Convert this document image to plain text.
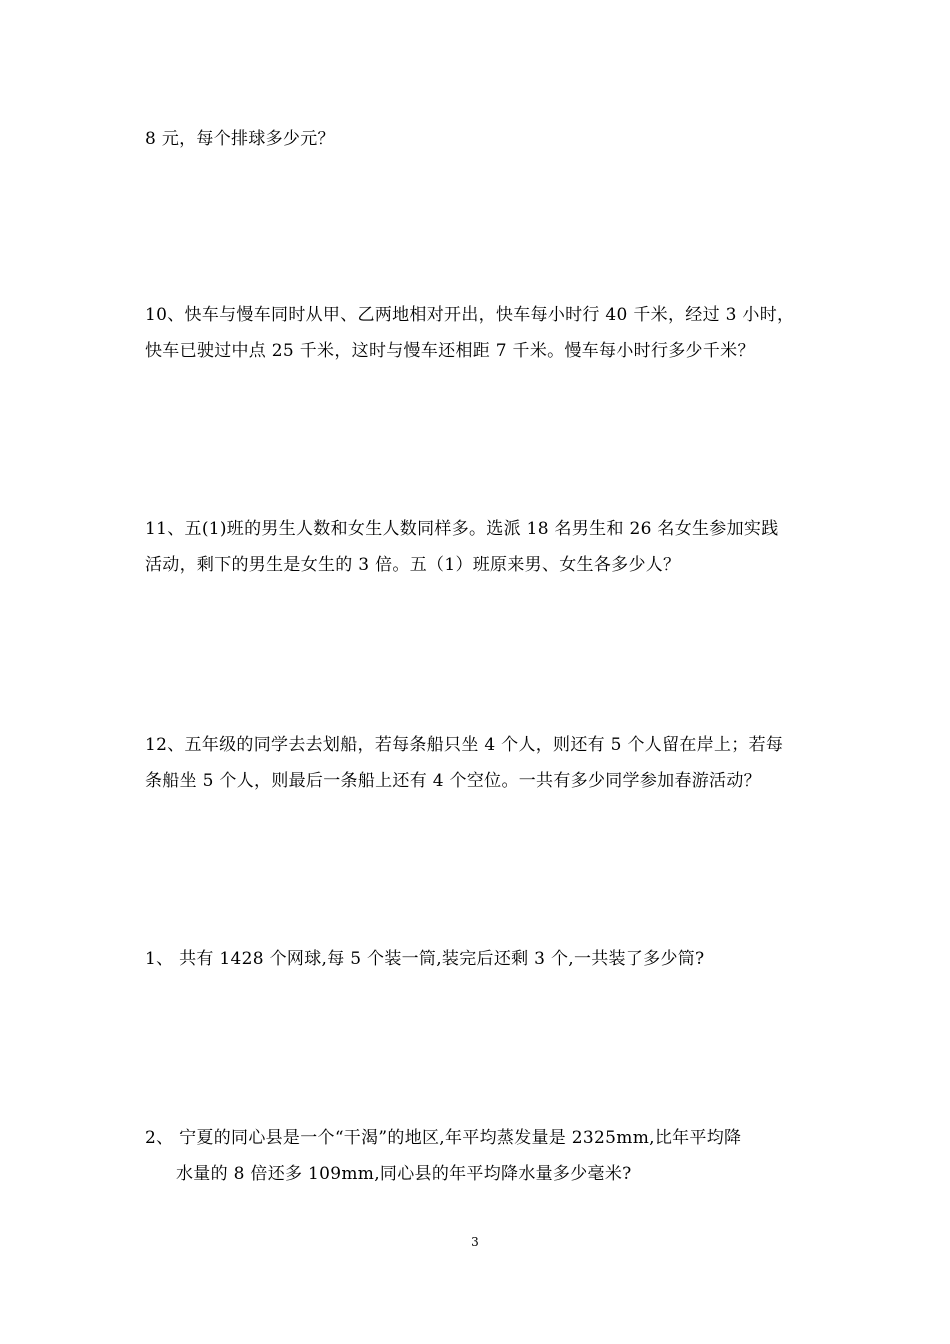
8 元，每个排球多少元？
10、快车与慢车同时从甲、乙两地相对开出，快车每小时行 40 千米，经过 3 小时，
快车已驶过中点 25 千米，这时与慢车还相距 7 千米。慢车每小时行多少千米？
11、五(1)班的男生人数和女生人数同样多。选派 18 名男生和 26 名女生参加实践
活动，剩下的男生是女生的 3 倍。五（1）班原来男、女生各多少人？
12、五年级的同学去去划船，若每条船只坐 4 个人，则还有 5 个人留在岸上；若每
条船坐 5 个人，则最后一条船上还有 4 个空位。一共有多少同学参加春游活动？
1、 共有 1428 个网球,每 5 个装一筒,装完后还剩 3 个,一共装了多少筒?
2、 宁夏的同心县是一个“干渴”的地区,年平均蒸发量是 2325mm,比年平均降
水量的 8 倍还多 109mm,同心县的年平均降水量多少毫米?
3
